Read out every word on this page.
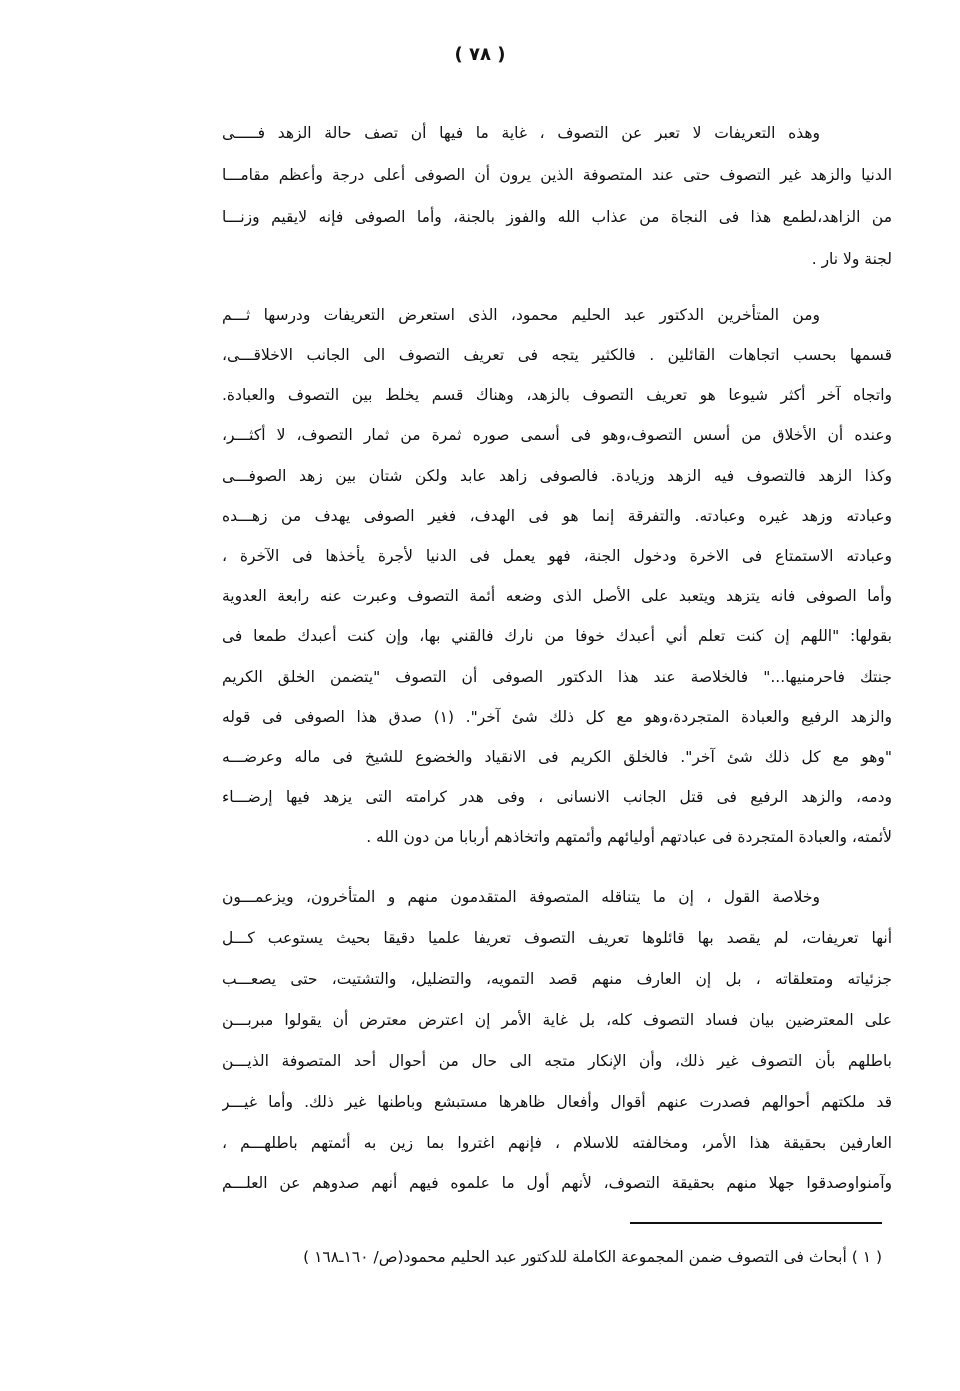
( ٧٨ )
وهذه التعريفات لا تعبر عن التصوف ، غاية ما فيها أن تصف حالة الزهد فـــــى
الدنيا والزهد غير التصوف حتى عند المتصوفة الذين يرون أن الصوفى أعلى درجة وأعظم مقامـــا
من الزاهد،لطمع هذا فى النجاة من عذاب الله والفوز بالجنة، وأما الصوفى فإنه لايقيم وزنـــا
لجنة ولا نار .
ومن المتأخرين الدكتور عبد الحليم محمود، الذى استعرض التعريفات ودرسها ثـــم
قسمها بحسب اتجاهات القائلين . فالكثير يتجه فى تعريف التصوف الى الجانب الاخلاقـــى،
واتجاه آخر أكثر شيوعا هو تعريف التصوف بالزهد، وهناك قسم يخلط بين التصوف والعبادة.
وعنده أن الأخلاق من أسس التصوف،وهو فى أسمى صوره ثمرة من ثمار التصوف، لا أكثـــر،
وكذا الزهد فالتصوف فيه الزهد وزيادة. فالصوفى زاهد عابد ولكن شتان بين زهد الصوفـــى
وعبادته وزهد غيره وعبادته. والتفرقة إنما هو فى الهدف، فغير الصوفى يهدف من زهـــده
وعبادته الاستمتاع فى الاخرة ودخول الجنة، فهو يعمل فى الدنيا لأجرة يأخذها فى الآخرة ،
وأما الصوفى فانه يتزهد ويتعبد على الأصل الذى وضعه أئمة التصوف وعبرت عنه رابعة العدوية
بقولها: "اللهم إن كنت تعلم أني أعبدك خوفا من نارك فالقني بها، وإن كنت أعبدك طمعا فى
جنتك فاحرمنيها..." فالخلاصة عند هذا الدكتور الصوفى أن التصوف "يتضمن الخلق الكريم
والزهد الرفيع والعبادة المتجردة،وهو مع كل ذلك شئ آخر". (١) صدق هذا الصوفى فى قوله
"وهو مع كل ذلك شئ آخر". فالخلق الكريم فى الانقياد والخضوع للشيخ فى ماله وعرضـــه
ودمه، والزهد الرفيع فى قتل الجانب الانسانى ، وفى هدر كرامته التى يزهد فيها إرضـــاء
لأئمته، والعبادة المتجردة فى عبادتهم أوليائهم وأئمتهم واتخاذهم أربابا من دون الله .
وخلاصة القول ، إن ما يتناقله المتصوفة المتقدمون منهم و المتأخرون، ويزعمـــون
أنها تعريفات، لم يقصد بها قائلوها تعريف التصوف تعريفا علميا دقيقا بحيث يستوعب كـــل
جزئياته ومتعلقاته ، بل إن العارف منهم قصد التمويه، والتضليل، والتشتيت، حتى يصعـــب
على المعترضين بيان فساد التصوف كله، بل غاية الأمر إن اعترض معترض أن يقولوا مبربـــن
باطلهم بأن التصوف غير ذلك، وأن الإنكار متجه الى حال من أحوال أحد المتصوفة الذيـــن
قد ملكتهم أحوالهم فصدرت عنهم أقوال وأفعال ظاهرها مستبشع وباطنها غير ذلك. وأما غيـــر
العارفين بحقيقة هذا الأمر، ومخالفته للاسلام ، فإنهم اغتروا بما زين به أئمتهم باطلهـــم ،
وآمنواوصدقوا جهلا منهم بحقيقة التصوف، لأنهم أول ما علموه فيهم أنهم صدوهم عن العلـــم
( ١ ) أبحاث فى التصوف ضمن المجموعة الكاملة للدكتور عبد الحليم محمود(ص/ ١٦٠ـ١٦٨ )
